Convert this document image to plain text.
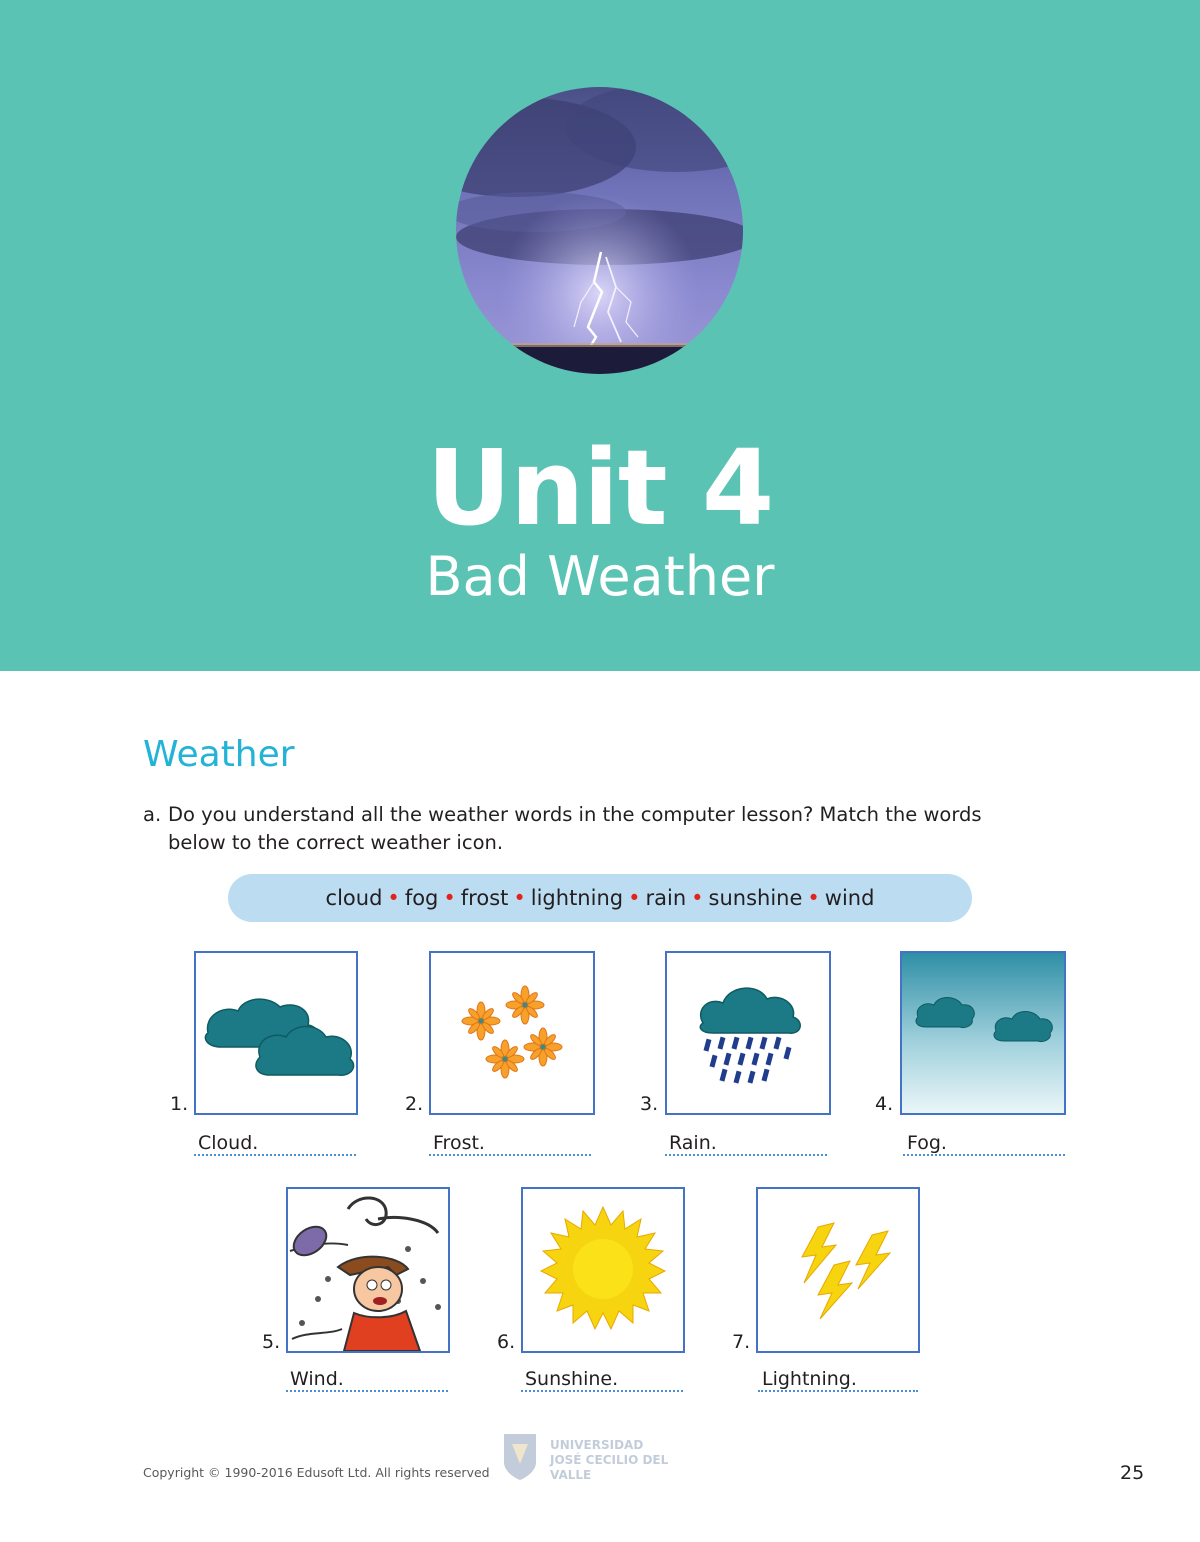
Unit 4
Bad Weather
Weather
a. Do you understand all the weather words in the computer lesson? Match the words
below to the correct weather icon.
cloud • fog • frost • lightning • rain • sunshine • wind
1.
Cloud.
2.
Frost.
3.
Rain.
4.
Fog.
5.
Wind.
6.
Sunshine.
7.
Lightning.
UNIVERSIDAD
JOSÉ CECILIO DEL VALLE
Copyright © 1990-2016 Edusoft Ltd. All rights reserved	25
